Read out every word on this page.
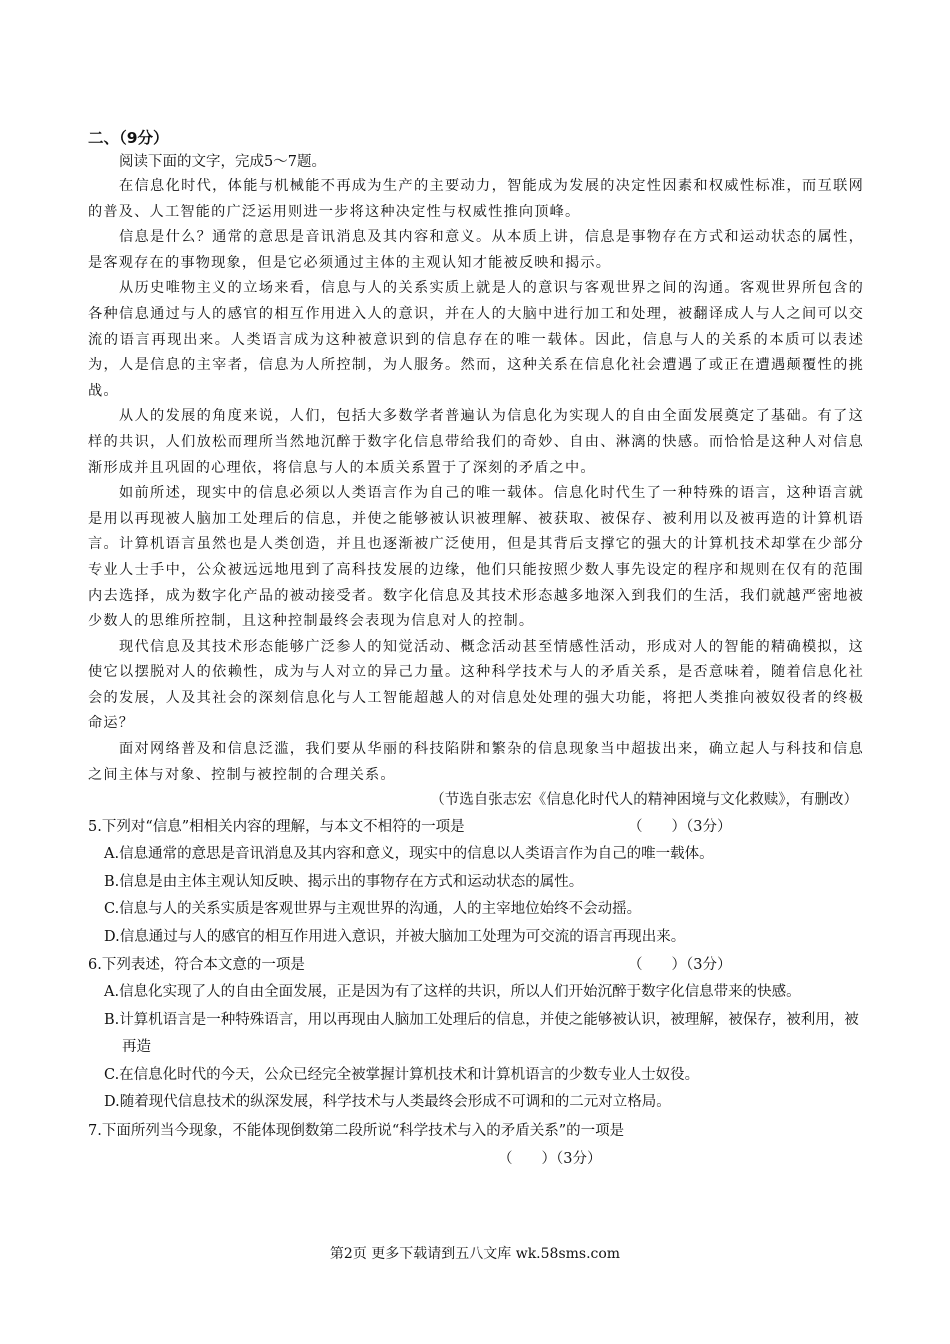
二、（9分）

阅读下面的文字，完成5～7题。

在信息化时代，体能与机械能不再成为生产的主要动力，智能成为发展的决定性因素和权威性标准，而互联网的普及、人工智能的广泛运用则进一步将这种决定性与权威性推向顶峰。

信息是什么？通常的意思是音讯消息及其内容和意义。从本质上讲，信息是事物存在方式和运动状态的属性，是客观存在的事物现象，但是它必须通过主体的主观认知才能被反映和揭示。

从历史唯物主义的立场来看，信息与人的关系实质上就是人的意识与客观世界之间的沟通。客观世界所包含的各种信息通过与人的感官的相互作用进入人的意识，并在人的大脑中进行加工和处理，被翻译成人与人之间可以交流的语言再现出来。人类语言成为这种被意识到的信息存在的唯一载体。因此，信息与人的关系的本质可以表述为，人是信息的主宰者，信息为人所控制，为人服务。然而，这种关系在信息化社会遭遇了或正在遭遇颠覆性的挑战。

从人的发展的角度来说，人们，包括大多数学者普遍认为信息化为实现人的自由全面发展奠定了基础。有了这样的共识，人们放松而理所当然地沉醉于数字化信息带给我们的奇妙、自由、淋漓的快感。而恰恰是这种人对信息渐形成并且巩固的心理依，将信息与人的本质关系置于了深刻的矛盾之中。

如前所述，现实中的信息必须以人类语言作为自己的唯一载体。信息化时代生了一种特殊的语言，这种语言就是用以再现被人脑加工处理后的信息，并使之能够被认识被理解、被获取、被保存、被利用以及被再造的计算机语言。计算机语言虽然也是人类创造，并且也逐渐被广泛使用，但是其背后支撑它的强大的计算机技术却掌在少部分专业人士手中，公众被远远地甩到了高科技发展的边缘，他们只能按照少数人事先设定的程序和规则在仅有的范围内去选择，成为数字化产品的被动接受者。数字化信息及其技术形态越多地深入到我们的生活，我们就越严密地被少数人的思维所控制，且这种控制最终会表现为信息对人的控制。

现代信息及其技术形态能够广泛参人的知觉活动、概念活动甚至情感性活动，形成对人的智能的精确模拟，这使它以摆脱对人的依赖性，成为与人对立的异己力量。这种科学技术与人的矛盾关系，是否意味着，随着信息化社会的发展，人及其社会的深刻信息化与人工智能超越人的对信息处处理的强大功能，将把人类推向被奴役者的终极命运？

面对网络普及和信息泛滥，我们要从华丽的科技陷阱和繁杂的信息现象当中超拔出来，确立起人与科技和信息之间主体与对象、控制与被控制的合理关系。

（节选自张志宏《信息化时代人的精神困境与文化救赎》，有删改）

5.下列对“信息”相相关内容的理解，与本文不相符的一项是	（　　）（3分）

A.信息通常的意思是音讯消息及其内容和意义，现实中的信息以人类语言作为自己的唯一载体。

B.信息是由主体主观认知反映、揭示出的事物存在方式和运动状态的属性。

C.信息与人的关系实质是客观世界与主观世界的沟通，人的主宰地位始终不会动摇。

D.信息通过与人的感官的相互作用进入意识，并被大脑加工处理为可交流的语言再现出来。

6.下列表述，符合本文意的一项是	（　　）（3分）

A.信息化实现了人的自由全面发展，正是因为有了这样的共识，所以人们开始沉醉于数字化信息带来的快感。

B.计算机语言是一种特殊语言，用以再现由人脑加工处理后的信息，并使之能够被认识，被理解，被保存，被利用，被再造

C.在信息化时代的今天，公众已经完全被掌握计算机技术和计算机语言的少数专业人士奴役。

D.随着现代信息技术的纵深发展，科学技术与人类最终会形成不可调和的二元对立格局。

7.下面所列当今现象，不能体现倒数第二段所说“科学技术与入的矛盾关系”的一项是

（　　）（3分）

第2页 更多下载请到五八文库 wk.58sms.com
